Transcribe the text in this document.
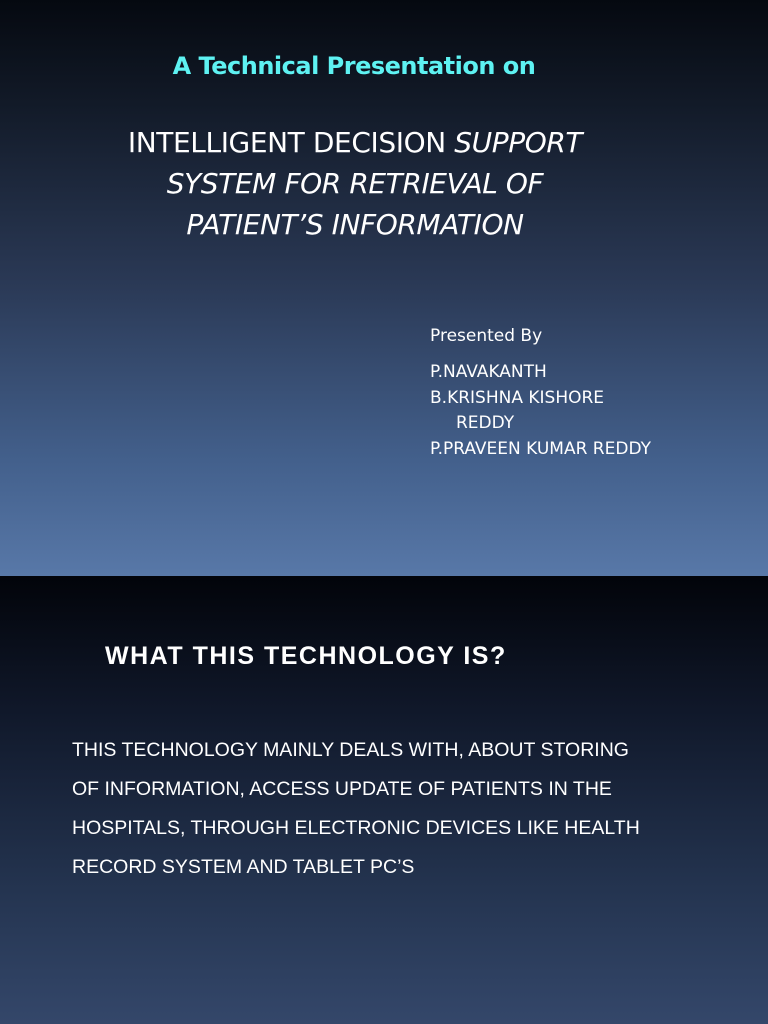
A Technical Presentation on
INTELLIGENT DECISION SUPPORT
SYSTEM FOR RETRIEVAL OF
PATIENT’S INFORMATION
Presented By
P.NAVAKANTH
B.KRISHNA KISHORE
REDDY
P.PRAVEEN KUMAR REDDY
WHAT THIS TECHNOLOGY IS?
THIS TECHNOLOGY MAINLY DEALS WITH, ABOUT STORING
OF INFORMATION, ACCESS UPDATE OF PATIENTS IN THE
HOSPITALS, THROUGH ELECTRONIC DEVICES LIKE HEALTH
RECORD SYSTEM AND TABLET PC’S
